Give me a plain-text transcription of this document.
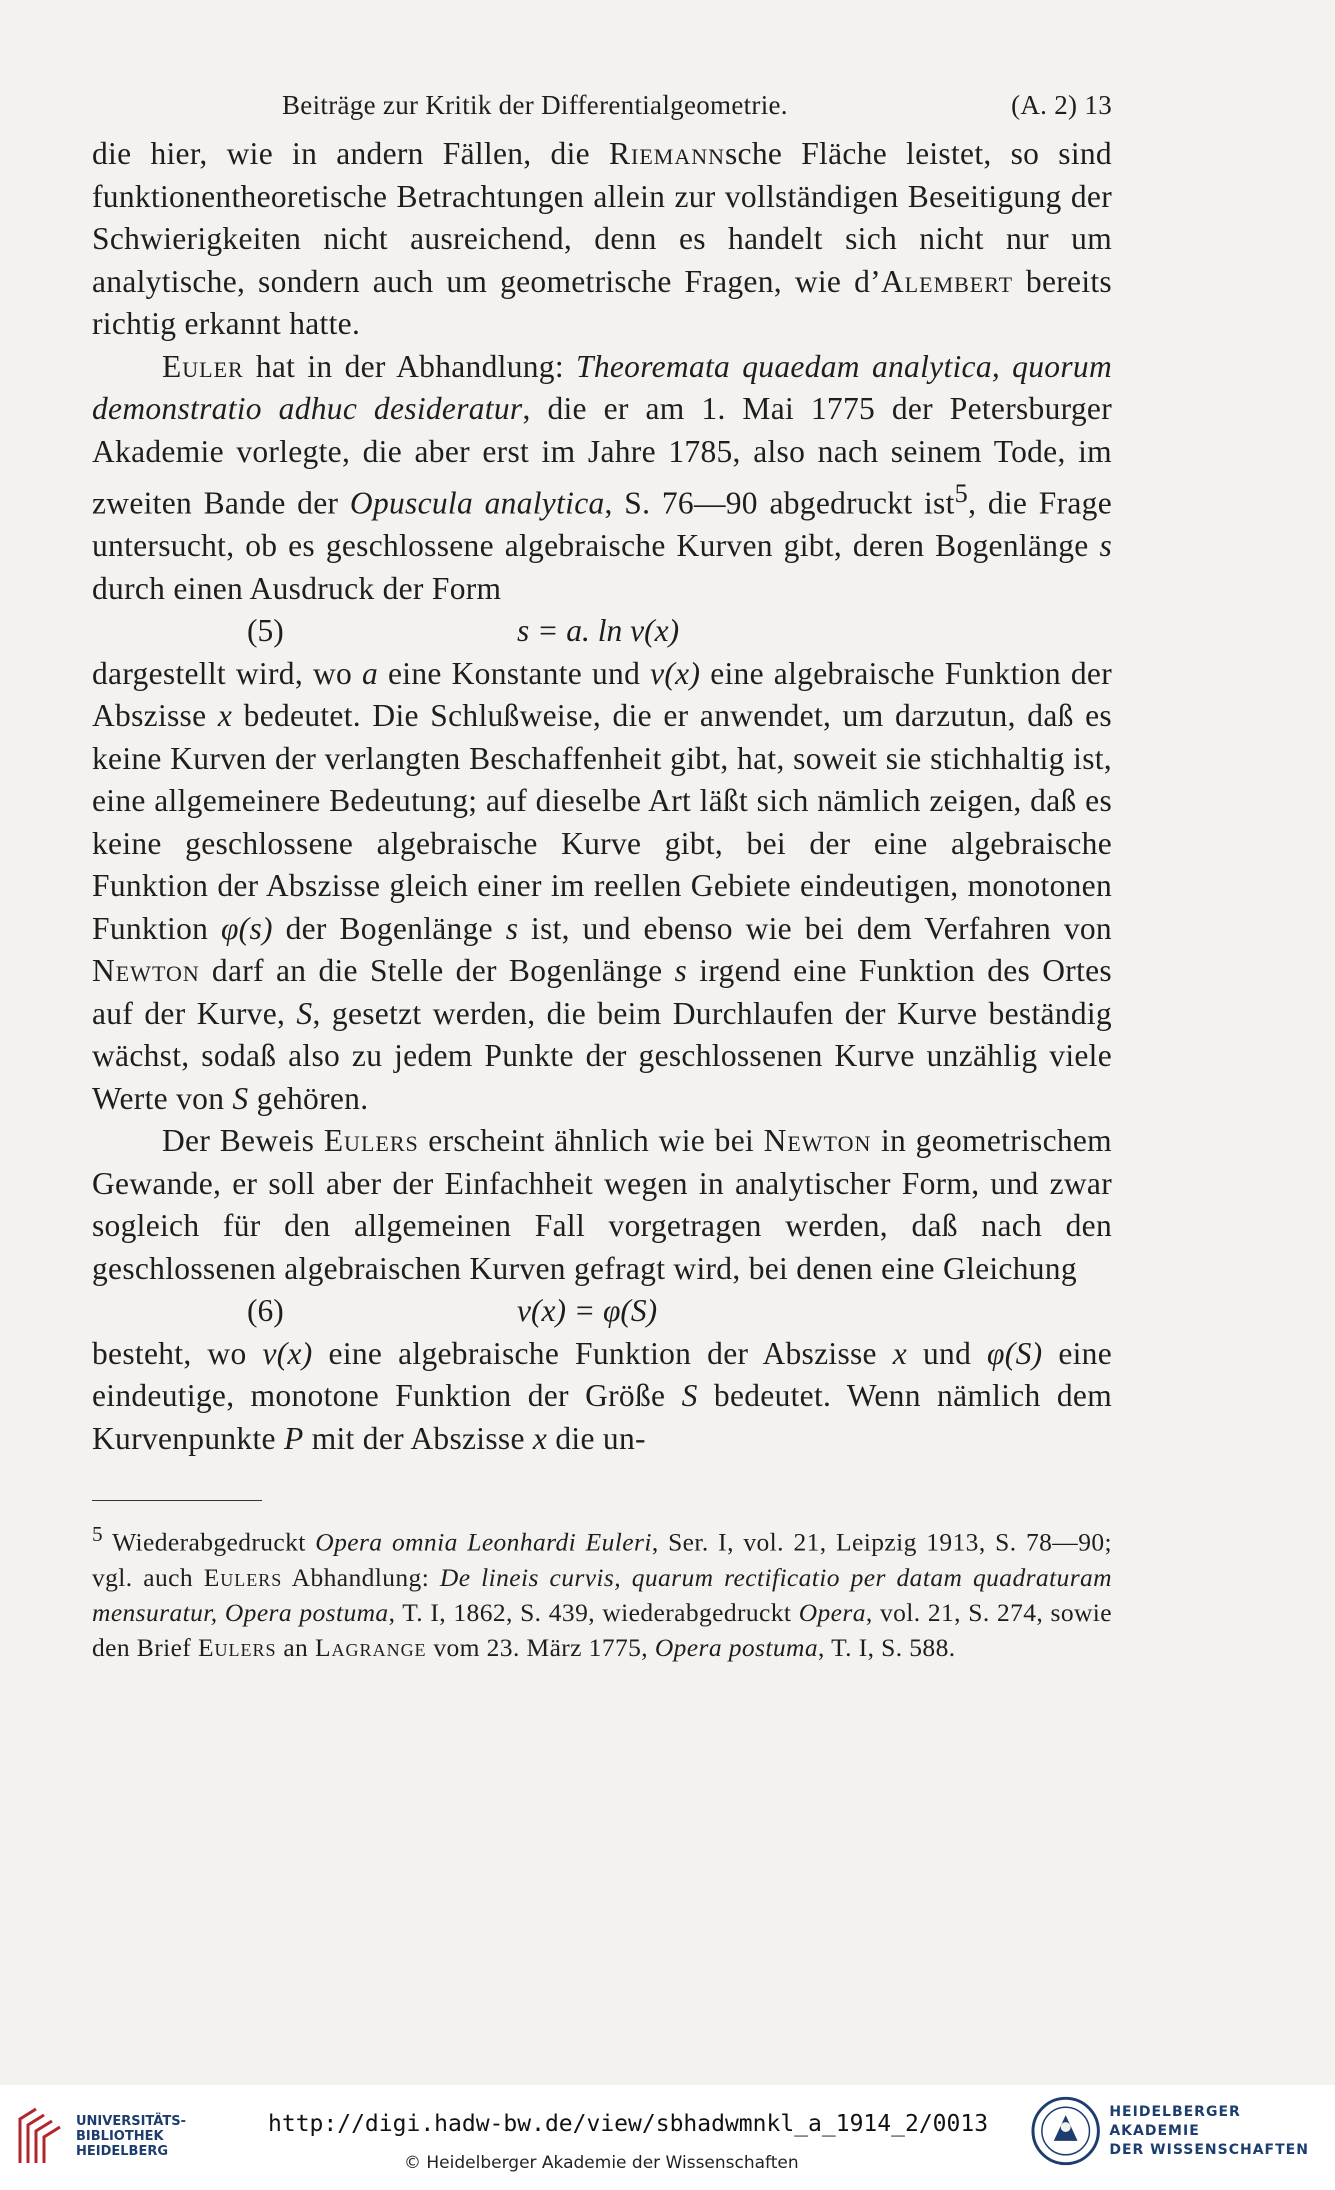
Beiträge zur Kritik der Differentialgeometrie.	(A. 2) 13

die hier, wie in andern Fällen, die Riemannsche Fläche leistet, so sind funktionentheoretische Betrachtungen allein zur vollständigen Beseitigung der Schwierigkeiten nicht ausreichend, denn es handelt sich nicht nur um analytische, sondern auch um geometrische Fragen, wie d’Alembert bereits richtig erkannt hatte.

Euler hat in der Abhandlung: Theoremata quaedam analytica, quorum demonstratio adhuc desideratur, die er am 1. Mai 1775 der Petersburger Akademie vorlegte, die aber erst im Jahre 1785, also nach seinem Tode, im zweiten Bande der Opuscula analytica, S. 76—90 abgedruckt ist$^5$, die Frage untersucht, ob es geschlossene algebraische Kurven gibt, deren Bogenlänge s durch einen Ausdruck der Form

(5)	s = a. ln v(x)

dargestellt wird, wo a eine Konstante und v(x) eine algebraische Funktion der Abszisse x bedeutet. Die Schlußweise, die er anwendet, um darzutun, daß es keine Kurven der verlangten Beschaffenheit gibt, hat, soweit sie stichhaltig ist, eine allgemeinere Bedeutung; auf dieselbe Art läßt sich nämlich zeigen, daß es keine geschlossene algebraische Kurve gibt, bei der eine algebraische Funktion der Abszisse gleich einer im reellen Gebiete eindeutigen, monotonen Funktion φ(s) der Bogenlänge s ist, und ebenso wie bei dem Verfahren von Newton darf an die Stelle der Bogenlänge s irgend eine Funktion des Ortes auf der Kurve, S, gesetzt werden, die beim Durchlaufen der Kurve beständig wächst, sodaß also zu jedem Punkte der geschlossenen Kurve unzählig viele Werte von S gehören.

Der Beweis Eulers erscheint ähnlich wie bei Newton in geometrischem Gewande, er soll aber der Einfachheit wegen in analytischer Form, und zwar sogleich für den allgemeinen Fall vorgetragen werden, daß nach den geschlossenen algebraischen Kurven gefragt wird, bei denen eine Gleichung

(6)	v(x) = φ(S)

besteht, wo v(x) eine algebraische Funktion der Abszisse x und φ(S) eine eindeutige, monotone Funktion der Größe S bedeutet. Wenn nämlich dem Kurvenpunkte P mit der Abszisse x die un-

$^5$ Wiederabgedruckt Opera omnia Leonhardi Euleri, Ser. I, vol. 21, Leipzig 1913, S. 78—90; vgl. auch Eulers Abhandlung: De lineis curvis, quarum rectificatio per datam quadraturam mensuratur, Opera postuma, T. I, 1862, S. 439, wiederabgedruckt Opera, vol. 21, S. 274, sowie den Brief Eulers an Lagrange vom 23. März 1775, Opera postuma, T. I, S. 588.

UNIVERSITÄTS-
BIBLIOTHEK
HEIDELBERG
http://digi.hadw-bw.de/view/sbhadwmnkl_a_1914_2/0013
© Heidelberger Akademie der Wissenschaften
HEIDELBERGER AKADEMIE
DER WISSENSCHAFTEN
